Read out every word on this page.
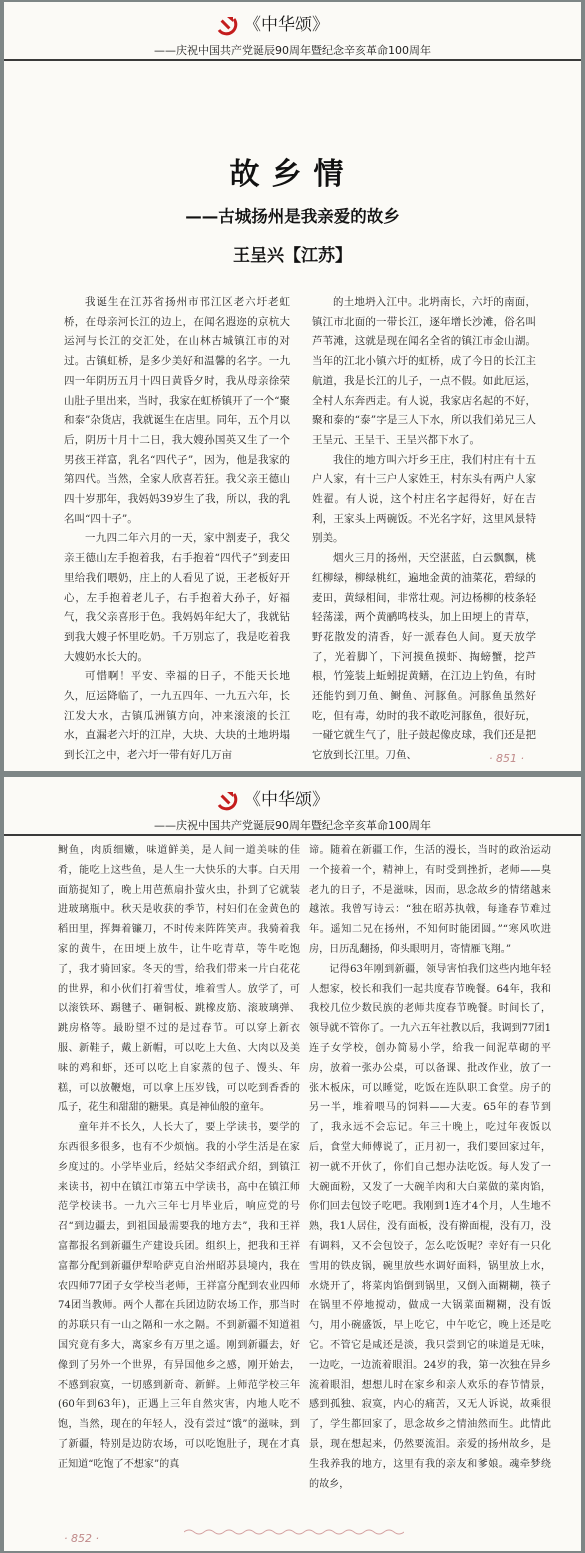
《中华颂》
——庆祝中国共产党诞辰90周年暨纪念辛亥革命100周年
故乡情
——古城扬州是我亲爱的故乡
王呈兴【江苏】

我诞生在江苏省扬州市邗江区老六圩老虹桥，在母亲河长江的边上，在闻名遐迩的京杭大运河与长江的交汇处，在山林古城镇江市的对过。古镇虹桥，是多少美好和温馨的名字。一九四一年阴历五月十四日黄昏夕时，我从母亲徐荣山肚子里出来，当时，我家在虹桥镇开了一个“聚和泰”杂货店，我就诞生在店里。同年，五个月以后，阴历十月十二日，我大嫂孙国英又生了一个男孩王祥富，乳名“四代子”，因为，他是我家的第四代。当然，全家人欣喜若狂。我父亲王德山四十岁那年，我妈妈39岁生了我，所以，我的乳名叫“四十子”。

一九四二年六月的一天，家中割麦子，我父亲王德山左手抱着我，右手抱着“四代子”到麦田里给我们喂奶，庄上的人看见了说，王老板好开心，左手抱着老儿子，右手抱着大孙子，好福气，我父亲喜形于色。我妈妈年纪大了，我就钻到我大嫂子怀里吃奶。千万别忘了，我是吃着我大嫂奶水长大的。

可惜啊！平安、幸福的日子，不能天长地久，厄运降临了，一九五四年、一九五六年，长江发大水，古镇瓜洲镇方向，冲来滚滚的长江水，直漏老六圩的江岸，大块、大块的土地坍塌到长江之中，老六圩一带有好几万亩

的土地坍入江中。北坍南长，六圩的南面，镇江市北面的一带长江，逐年增长沙滩，俗名叫芦苇滩，这就是现在闻名全省的镇江市金山湖。当年的江北小镇六圩的虹桥，成了今日的长江主航道，我是长江的儿子，一点不假。如此厄运，全村人东奔西走。有人说，我家店名起的不好，聚和泰的“泰”字是三人下水，所以我们弟兄三人王呈元、王呈干、王呈兴都下水了。

我住的地方叫六圩乡王庄，我们村庄有十五户人家，有十三户人家姓王，村东头有两户人家姓翟。有人说，这个村庄名字起得好，好在吉利，王家头上两碗饭。不光名字好，这里风景特别美。

烟火三月的扬州，天空湛蓝，白云飘飘，桃红柳绿，柳绿桃红，遍地金黄的油菜花，碧绿的麦田，黄绿相间，非常壮观。河边杨柳的枝条轻轻荡漾，两个黄鹂鸣枝头，加上田埂上的青草，野花散发的清香，好一派春色人间。夏天放学了，光着脚丫，下河摸鱼摸虾、掏螃蟹，挖芦根，竹笼装上蚯蚓捉黄鳝，在江边上钓鱼，有时还能钓到刀鱼、鲥鱼、河豚鱼。河豚鱼虽然好吃，但有毒，幼时的我不敢吃河豚鱼，很好玩，一碰它就生气了，肚子鼓起像皮球，我们还是把它放到长江里。刀鱼、	· 851 ·
《中华颂》
——庆祝中国共产党诞辰90周年暨纪念辛亥革命100周年

鲥鱼，肉质细嫩，味道鲜美，是人间一道美味的佳肴，能吃上这些鱼，是人生一大快乐的大事。白天用面筋捉知了，晚上用芭蕉扇扑萤火虫，扑到了它就装进玻璃瓶中。秋天是收获的季节，村妇们在金黄色的稻田里，挥舞着镰刀，不时传来阵阵笑声。我骑着我家的黄牛，在田埂上放牛，让牛吃青草，等牛吃饱了，我才骑回家。冬天的雪，给我们带来一片白花花的世界，和小伙们打着雪仗，堆着雪人。放学了，可以滚铁环、踢毽子、砸铜板、跳橡皮筋、滚玻璃弹、跳房格等。最盼望不过的是过春节。可以穿上新衣服、新鞋子，戴上新帽，可以吃上大鱼、大肉以及美味的鸡和虾，还可以吃上自家蒸的包子、馒头、年糕，可以放鞭炮，可以拿上压岁钱，可以吃到香香的瓜子，花生和甜甜的糖果。真是神仙般的童年。

童年并不长久，人长大了，要上学读书，要学的东西很多很多，也有不少烦恼。我的小学生活是在家乡度过的。小学毕业后，经姑父李绍武介绍，到镇江来读书，初中在镇江市第五中学读书，高中在镇江师范学校读书。一九六三年七月毕业后，响应党的号召“到边疆去，到祖国最需要我的地方去”，我和王祥富都报名到新疆生产建设兵团。组织上，把我和王祥富都分配到新疆伊犁哈萨克自治州昭苏县境内，我在农四师77团子女学校当老师，王祥富分配到农业四师74团当教师。两个人都在兵团边防农场工作，那当时的苏联只有一山之隔和一水之隔。不到新疆不知道祖国究竟有多大，离家乡有万里之遥。刚到新疆去，好像到了另外一个世界，有异国他乡之感，刚开始去，不感到寂寞，一切感到新奇、新鲜。上师范学校三年(60年到63年)，正遇上三年自然灾害，内地人吃不饱，当然，现在的年轻人，没有尝过“饿”的滋味，到了新疆，特别是边防农场，可以吃饱肚子，现在才真正知道“吃饱了不想家”的真

谛。随着在新疆工作，生活的漫长，当时的政治运动一个接着一个，精神上，有时受到挫折，老师——臭老九的日子，不是滋味，因而，思念故乡的情绪越来越浓。我曾写诗云：“独在昭苏执戟，每逢春节难过年。遥知二兄在扬州，不知何时能团圆。”“寒风吹进房，日历乱翻扬，仰头眼明月，寄情雁飞翔。”

记得63年刚到新疆，领导害怕我们这些内地年轻人想家，校长和我们一起共度春节晚餐。64年，我和我校几位少数民族的老师共度春节晚餐。时间长了，领导就不管你了。一九六五年社教以后，我调到77团1连子女学校，创办简易小学，给我一间泥草砌的平房，放着一张办公桌，可以备课、批改作业，放了一张木板床，可以睡觉，吃饭在连队职工食堂。房子的另一半，堆着喂马的饲料——大麦。65年的春节到了，我永远不会忘记。年三十晚上，吃过年夜饭以后，食堂大师傅说了，正月初一，我们要回家过年，初一就不开伙了，你们自己想办法吃饭。每人发了一大碗面粉，又发了一大碗羊肉和大白菜做的菜肉馅，你们回去包饺子吃吧。我刚到1连才4个月，人生地不熟，我1人居住，没有面板，没有擀面棍，没有刀，没有调料，又不会包饺子，怎么吃饭呢？幸好有一只化雪用的铁皮锅，碗里放些水调好面料，锅里放上水，水烧开了，将菜肉馅倒到锅里，又倒入面糊糊，筷子在锅里不停地搅动，做成一大锅菜面糊糊，没有饭勺，用小碗盛饭，早上吃它，中午吃它，晚上还是吃它。不管它是咸还是淡，我只尝到它的味道是无味，一边吃，一边流着眼泪。24岁的我，第一次独在异乡流着眼泪，想想儿时在家乡和亲人欢乐的春节情景，感到孤独、寂寞，内心的痛苦，又无人诉说，故乘很了，学生都回家了，思念故乡之情油然而生。此情此景，现在想起来，仍然要流泪。亲爱的扬州故乡，是生我养我的地方，这里有我的亲友和爹娘。魂牵梦绕的故乡，

· 852 ·
